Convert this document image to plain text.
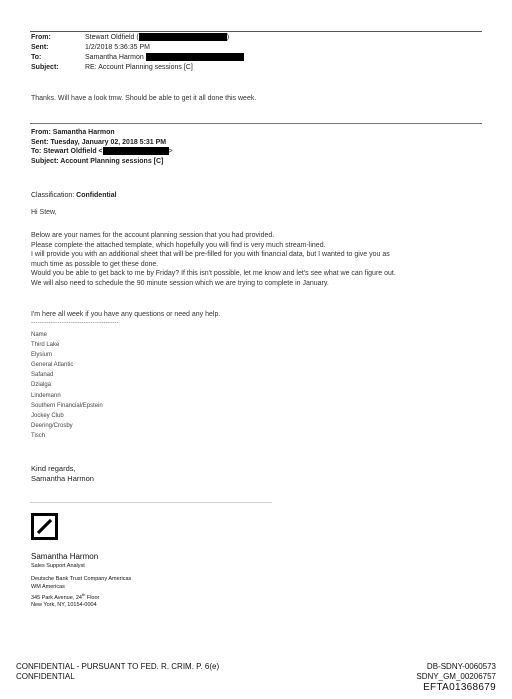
From:	Stewart Oldfield (	)
Sent:	1/2/2018 5:36:35 PM
To:	Samantha Harmon
Subject:	RE: Account Planning sessions [C]
Thanks. Will have a look tmw. Should be able to get it all done this week.
From: Samantha Harmon
Sent: Tuesday, January 02, 2018 5:31 PM
To: Stewart Oldfield <	>
Subject: Account Planning sessions [C]
Classification: Confidential
Hi Stew,
Below are your names for the account planning session that you had provided.
Please complete the attached template, which hopefully you will find is very much stream-lined.
I will provide you with an additional sheet that will be pre-filled for you with financial data, but I wanted to give you as
much time as possible to get these done.
Would you be able to get back to me by Friday? If this isn't possible, let me know and let's see what we can figure out.
We will also need to schedule the 90 minute session which we are trying to complete in January.
I'm here all week if you have any questions or need any help.
----------------------------------------
Name
Third Lake
Elysium
General Atlantic
Safanad
Dzialga
Lindemann
Southern Financial/Epstein
Jockey Club
Deering/Crosby
Tisch
Kind regards,
Samantha Harmon
Samantha Harmon
Sales Support Analyst
Deutsche Bank Trust Company Americas
WM Americas
345 Park Avenue, 24th Floor
New York, NY, 10154-0004
CONFIDENTIAL - PURSUANT TO FED. R. CRIM. P. 6(e)
CONFIDENTIAL
DB-SDNY-0060573
SDNY_GM_00206757
EFTA01368679
